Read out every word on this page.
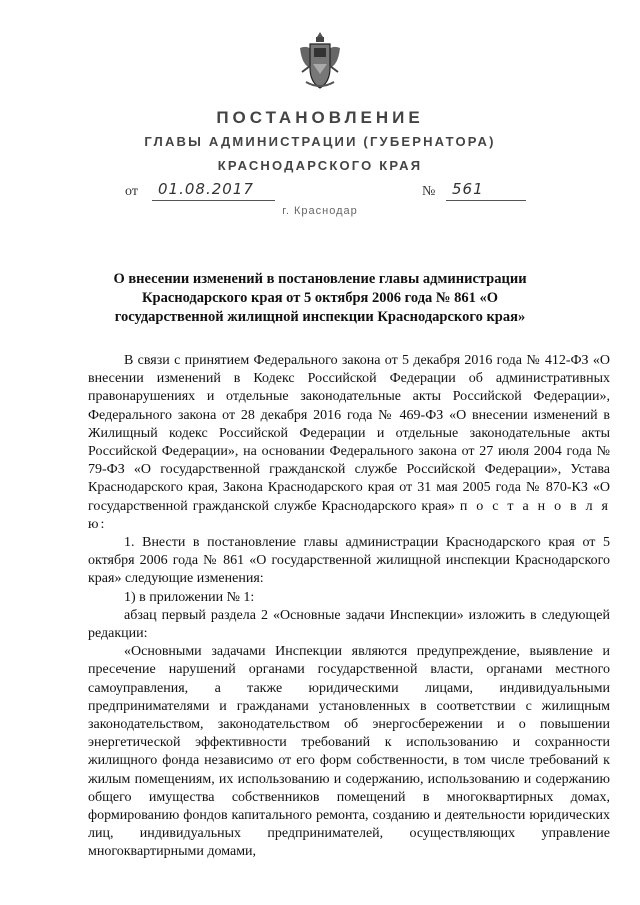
ПОСТАНОВЛЕНИЕ
ГЛАВЫ АДМИНИСТРАЦИИ (ГУБЕРНАТОРА)
КРАСНОДАРСКОГО КРАЯ
от 01.08.2017	№ 561
г. Краснодар
О внесении изменений в постановление главы администрации Краснодарского края от 5 октября 2006 года № 861 «О государственной жилищной инспекции Краснодарского края»

В связи с принятием Федерального закона от 5 декабря 2016 года № 412-ФЗ «О внесении изменений в Кодекс Российской Федерации об административных правонарушениях и отдельные законодательные акты Российской Федерации», Федерального закона от 28 декабря 2016 года № 469-ФЗ «О внесении изменений в Жилищный кодекс Российской Федерации и отдельные законодательные акты Российской Федерации», на основании Федерального закона от 27 июля 2004 года № 79-ФЗ «О государственной гражданской службе Российской Федерации», Устава Краснодарского края, Закона Краснодарского края от 31 мая 2005 года № 870-КЗ «О государственной гражданской службе Краснодарского края» п о с т а н о в л я ю:

1. Внести в постановление главы администрации Краснодарского края от 5 октября 2006 года № 861 «О государственной жилищной инспекции Краснодарского края» следующие изменения:

1) в приложении № 1:

абзац первый раздела 2 «Основные задачи Инспекции» изложить в следующей редакции:

«Основными задачами Инспекции являются предупреждение, выявление и пресечение нарушений органами государственной власти, органами местного самоуправления, а также юридическими лицами, индивидуальными предпринимателями и гражданами установленных в соответствии с жилищным законодательством, законодательством об энергосбережении и о повышении энергетической эффективности требований к использованию и сохранности жилищного фонда независимо от его форм собственности, в том числе требований к жилым помещениям, их использованию и содержанию, использованию и содержанию общего имущества собственников помещений в многоквартирных домах, формированию фондов капитального ремонта, созданию и деятельности юридических лиц, индивидуальных предпринимателей, осуществляющих управление многоквартирными домами,
